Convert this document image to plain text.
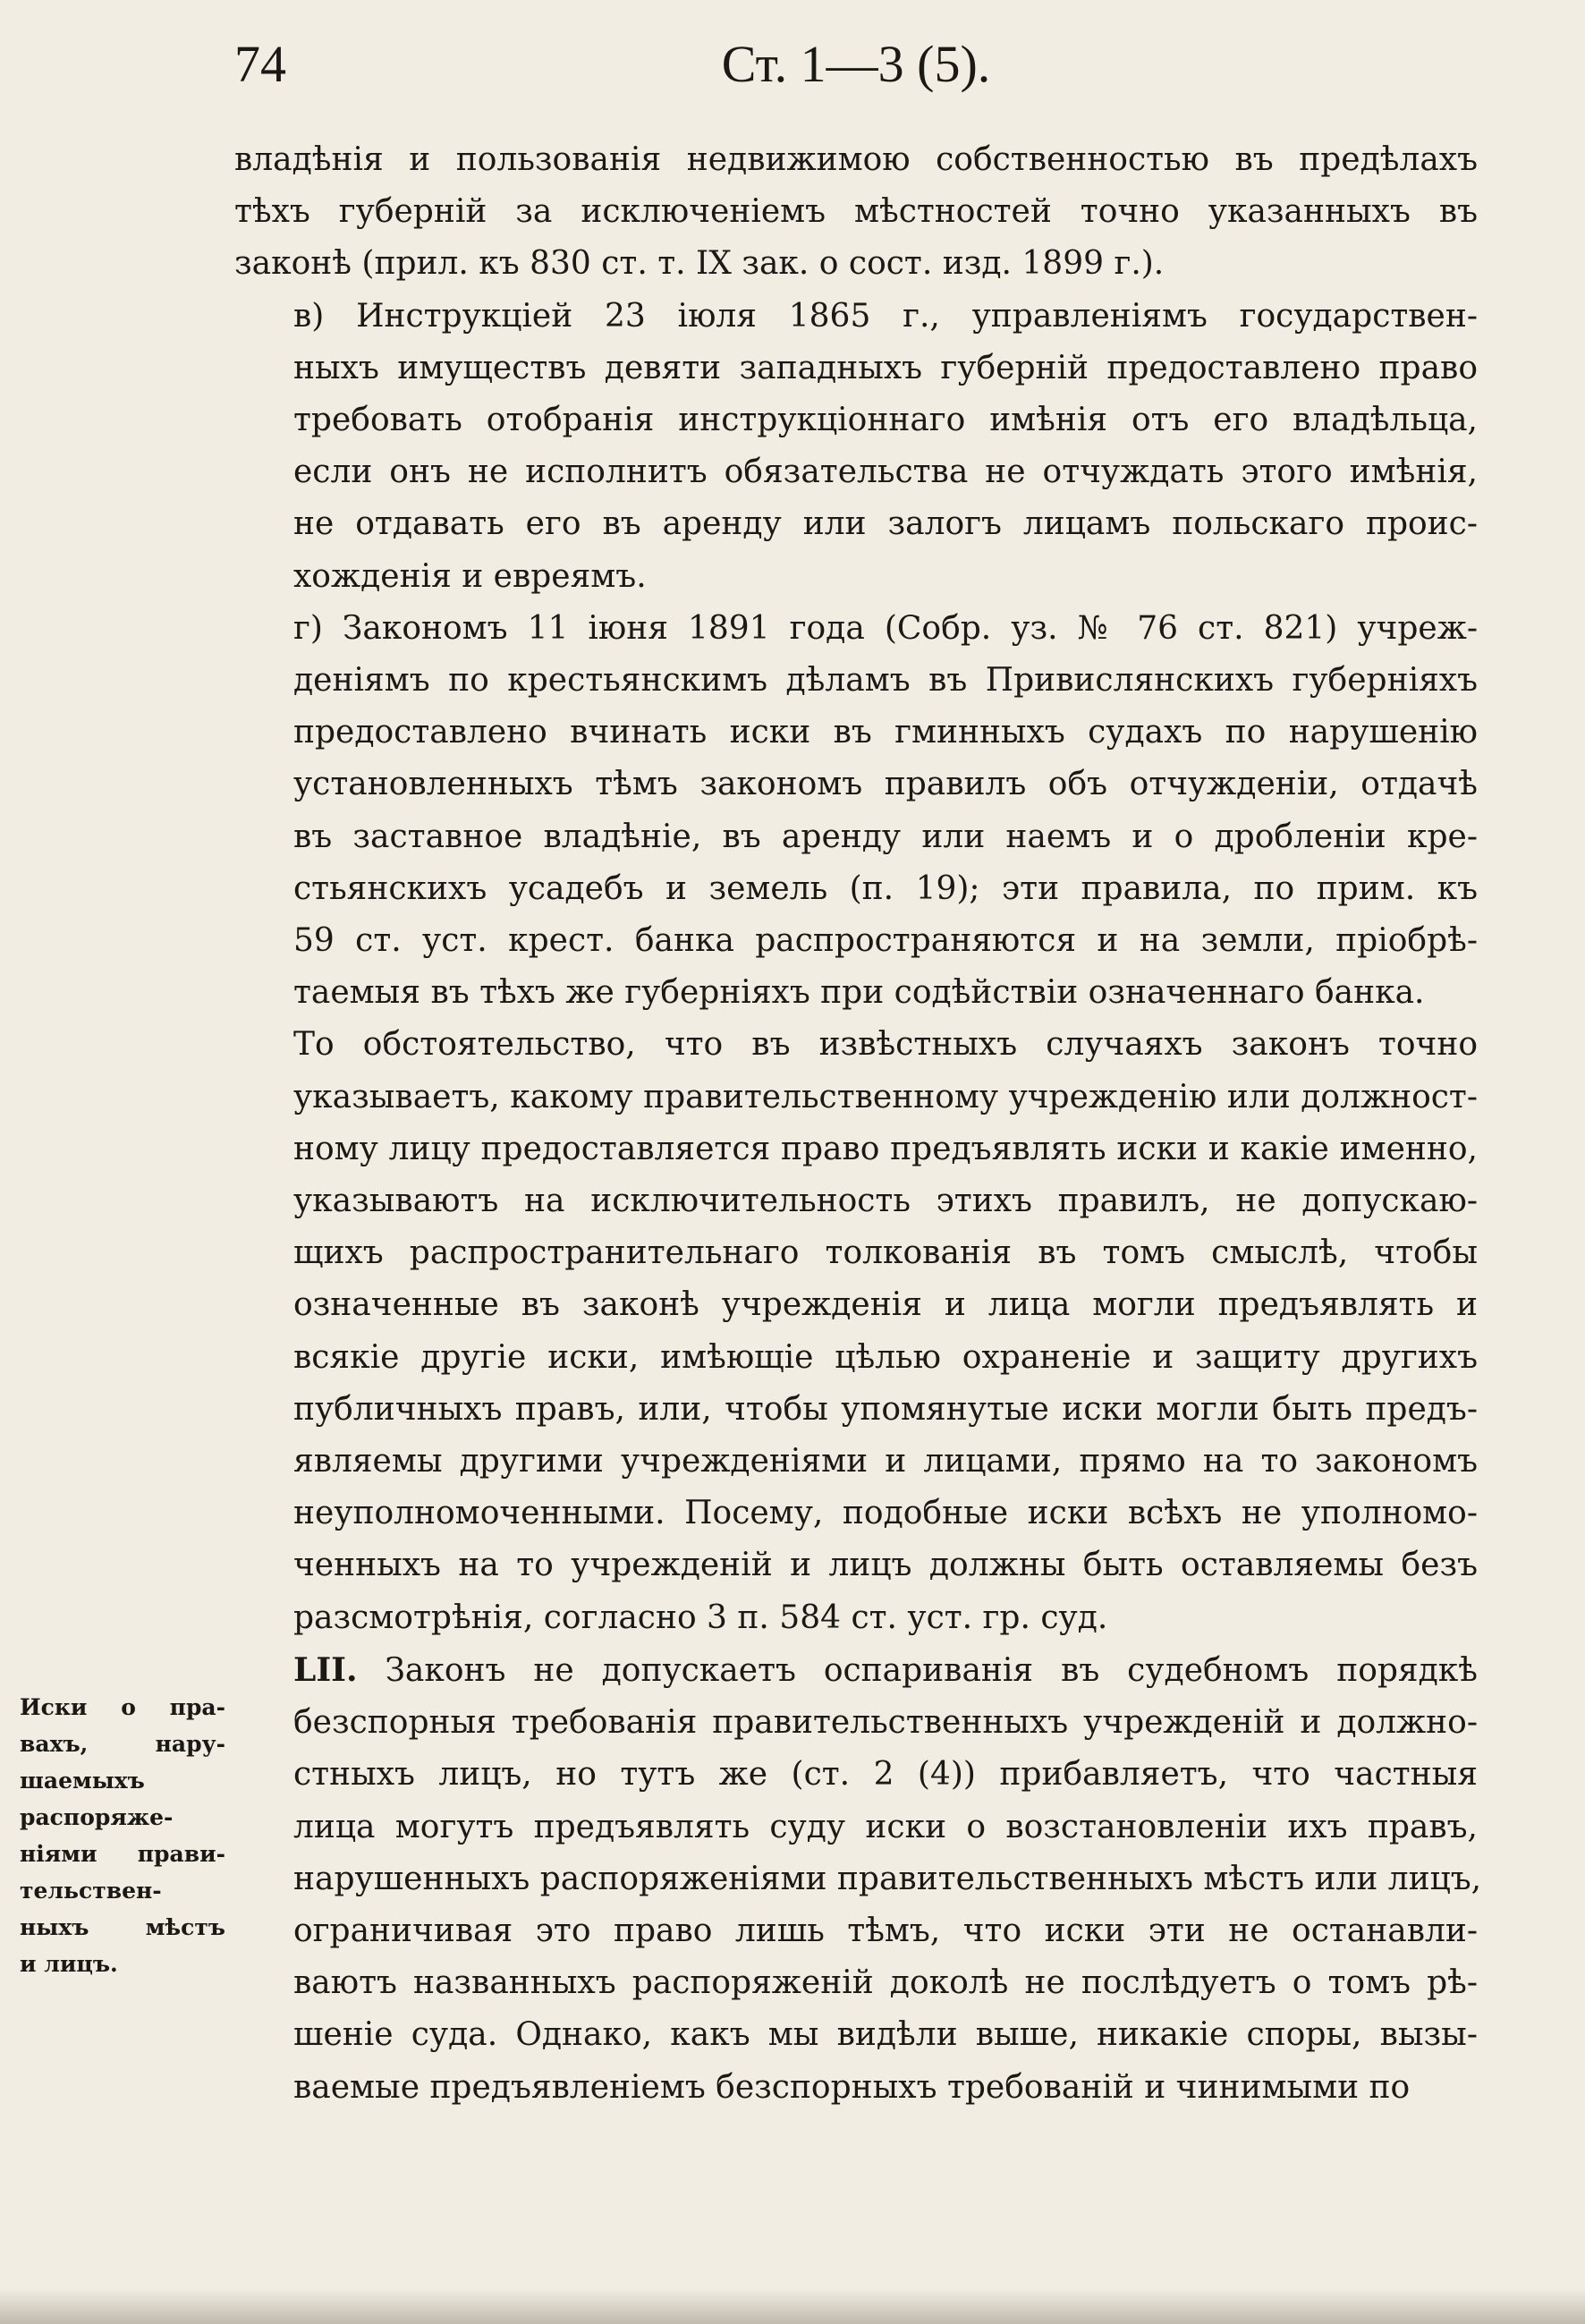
74	Ст. 1—3 (5).
владѣнія и пользованія недвижимою собственностью въ предѣлахъ
тѣхъ губерній за исключеніемъ мѣстностей точно указанныхъ въ
законѣ (прил. къ 830 ст. т. IX зак. о сост. изд. 1899 г.).
в) Инструкціей 23 іюля 1865 г., управленіямъ государствен-
ныхъ имуществъ девяти западныхъ губерній предоставлено право
требовать отобранія инструкціоннаго имѣнія отъ его владѣльца,
если онъ не исполнитъ обязательства не отчуждать этого имѣнія,
не отдавать его въ аренду или залогъ лицамъ польскаго проис-
хожденія и евреямъ.
г) Закономъ 11 іюня 1891 года (Собр. уз. № 76 ст. 821) учреж-
деніямъ по крестьянскимъ дѣламъ въ Привислянскихъ губерніяхъ
предоставлено вчинать иски въ гминныхъ судахъ по нарушенію
установленныхъ тѣмъ закономъ правилъ объ отчужденіи, отдачѣ
въ заставное владѣніе, въ аренду или наемъ и о дробленіи кре-
стьянскихъ усадебъ и земель (п. 19); эти правила, по прим. къ
59 ст. уст. крест. банка распространяются и на земли, пріобрѣ-
таемыя въ тѣхъ же губерніяхъ при содѣйствіи означеннаго банка.
То обстоятельство, что въ извѣстныхъ случаяхъ законъ точно
указываетъ, какому правительственному учрежденію или должност-
ному лицу предоставляется право предъявлять иски и какіе именно,
указываютъ на исключительность этихъ правилъ, не допускаю-
щихъ распространительнаго толкованія въ томъ смыслѣ, чтобы
означенные въ законѣ учрежденія и лица могли предъявлять и
всякіе другіе иски, имѣющіе цѣлью охраненіе и защиту другихъ
публичныхъ правъ, или, чтобы упомянутые иски могли быть предъ-
являемы другими учрежденіями и лицами, прямо на то закономъ
неуполномоченными. Посему, подобные иски всѣхъ не уполномо-
ченныхъ на то учрежденій и лицъ должны быть оставляемы безъ
разсмотрѣнія, согласно 3 п. 584 ст. уст. гр. суд.
LII. Законъ не допускаетъ оспариванія въ судебномъ порядкѣ
безспорныя требованія правительственныхъ учрежденій и должно-
стныхъ лицъ, но тутъ же (ст. 2 (4)) прибавляетъ, что частныя
лица могутъ предъявлять суду иски о возстановленіи ихъ правъ,
нарушенныхъ распоряженіями правительственныхъ мѣстъ или лицъ,
ограничивая это право лишь тѣмъ, что иски эти не останавли-
ваютъ названныхъ распоряженій доколѣ не послѣдуетъ о томъ рѣ-
шеніе суда. Однако, какъ мы видѣли выше, никакіе споры, вызы-
ваемые предъявленіемъ безспорныхъ требованій и чинимыми по
Иски о пра-
вахъ, нару-
шаемыхъ
распоряже-
ніями прави-
тельствен-
ныхъ мѣстъ
и лицъ.
